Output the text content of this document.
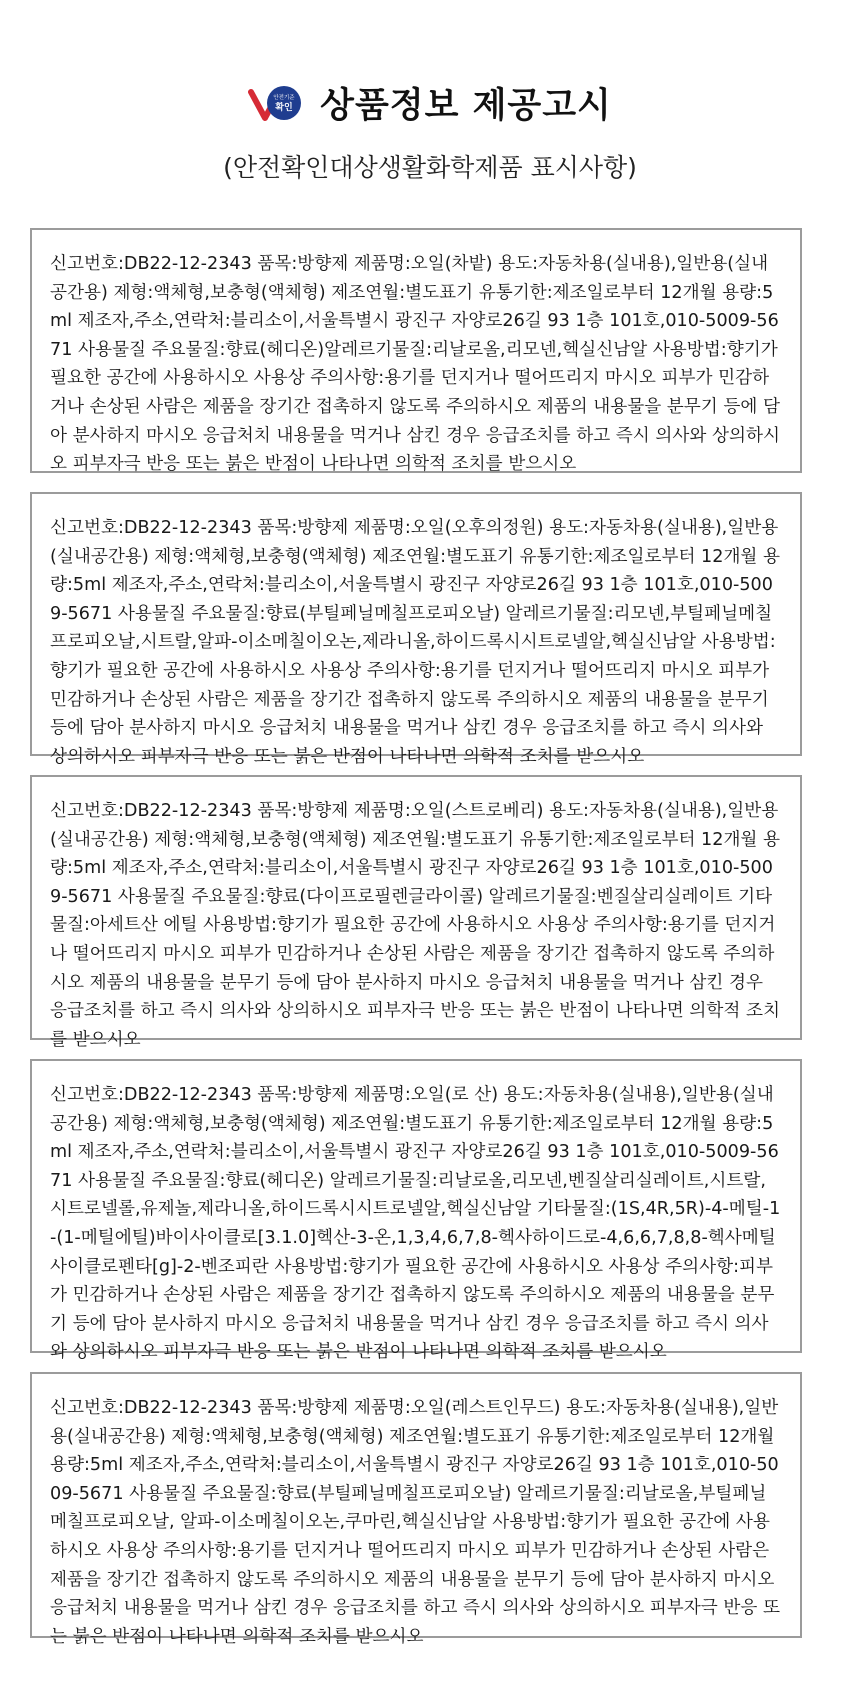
안전기준
확인 상품정보 제공고시
(안전확인대상생활화학제품 표시사항)
신고번호:DB22-12-2343 품목:방향제 제품명:오일(차밭) 용도:자동차용(실내용),일반용(실내공간용) 제형:액체형,보충형(액체형) 제조연월:별도표기 유통기한:제조일로부터 12개월 용량:5ml 제조자,주소,연락처:블리소이,서울특별시 광진구 자양로26길 93 1층 101호,010-5009-5671 사용물질 주요물질:향료(헤디온)알레르기물질:리날로올,리모넨,헥실신남알 사용방법:향기가 필요한 공간에 사용하시오 사용상 주의사항:용기를 던지거나 떨어뜨리지 마시오 피부가 민감하거나 손상된 사람은 제품을 장기간 접촉하지 않도록 주의하시오 제품의 내용물을 분무기 등에 담아 분사하지 마시오 응급처치 내용물을 먹거나 삼킨 경우 응급조치를 하고 즉시 의사와 상의하시오 피부자극 반응 또는 붉은 반점이 나타나면 의학적 조치를 받으시오
신고번호:DB22-12-2343 품목:방향제 제품명:오일(오후의정원) 용도:자동차용(실내용),일반용(실내공간용) 제형:액체형,보충형(액체형) 제조연월:별도표기 유통기한:제조일로부터 12개월 용량:5ml 제조자,주소,연락처:블리소이,서울특별시 광진구 자양로26길 93 1층 101호,010-5009-5671 사용물질 주요물질:향료(부틸페닐메칠프로피오날) 알레르기물질:리모넨,부틸페닐메칠프로피오날,시트랄,알파-이소메칠이오논,제라니올,하이드록시시트로넬알,헥실신남알 사용방법:향기가 필요한 공간에 사용하시오 사용상 주의사항:용기를 던지거나 떨어뜨리지 마시오 피부가 민감하거나 손상된 사람은 제품을 장기간 접촉하지 않도록 주의하시오 제품의 내용물을 분무기 등에 담아 분사하지 마시오 응급처치 내용물을 먹거나 삼킨 경우 응급조치를 하고 즉시 의사와 상의하시오 피부자극 반응 또는 붉은 반점이 나타나면 의학적 조치를 받으시오
신고번호:DB22-12-2343 품목:방향제 제품명:오일(스트로베리) 용도:자동차용(실내용),일반용(실내공간용) 제형:액체형,보충형(액체형) 제조연월:별도표기 유통기한:제조일로부터 12개월 용량:5ml 제조자,주소,연락처:블리소이,서울특별시 광진구 자양로26길 93 1층 101호,010-5009-5671 사용물질 주요물질:향료(다이프로필렌글라이콜) 알레르기물질:벤질살리실레이트 기타물질:아세트산 에틸 사용방법:향기가 필요한 공간에 사용하시오 사용상 주의사항:용기를 던지거나 떨어뜨리지 마시오 피부가 민감하거나 손상된 사람은 제품을 장기간 접촉하지 않도록 주의하시오 제품의 내용물을 분무기 등에 담아 분사하지 마시오 응급처치 내용물을 먹거나 삼킨 경우 응급조치를 하고 즉시 의사와 상의하시오 피부자극 반응 또는 붉은 반점이 나타나면 의학적 조치를 받으시오
신고번호:DB22-12-2343 품목:방향제 제품명:오일(로 산) 용도:자동차용(실내용),일반용(실내공간용) 제형:액체형,보충형(액체형) 제조연월:별도표기 유통기한:제조일로부터 12개월 용량:5ml 제조자,주소,연락처:블리소이,서울특별시 광진구 자양로26길 93 1층 101호,010-5009-5671 사용물질 주요물질:향료(헤디온) 알레르기물질:리날로올,리모넨,벤질살리실레이트,시트랄,시트로넬롤,유제놀,제라니올,하이드록시시트로넬알,헥실신남알 기타물질:(1S,4R,5R)-4-메틸-1-(1-메틸에틸)바이사이클로[3.1.0]헥산-3-온,1,3,4,6,7,8-헥사하이드로-4,6,6,7,8,8-헥사메틸사이클로펜타[g]-2-벤조피란 사용방법:향기가 필요한 공간에 사용하시오 사용상 주의사항:피부가 민감하거나 손상된 사람은 제품을 장기간 접촉하지 않도록 주의하시오 제품의 내용물을 분무기 등에 담아 분사하지 마시오 응급처치 내용물을 먹거나 삼킨 경우 응급조치를 하고 즉시 의사와 상의하시오 피부자극 반응 또는 붉은 반점이 나타나면 의학적 조치를 받으시오
신고번호:DB22-12-2343 품목:방향제 제품명:오일(레스트인무드) 용도:자동차용(실내용),일반용(실내공간용) 제형:액체형,보충형(액체형) 제조연월:별도표기 유통기한:제조일로부터 12개월 용량:5ml 제조자,주소,연락처:블리소이,서울특별시 광진구 자양로26길 93 1층 101호,010-5009-5671 사용물질 주요물질:향료(부틸페닐메칠프로피오날) 알레르기물질:리날로올,부틸페닐메칠프로피오날, 알파-이소메칠이오논,쿠마린,헥실신남알 사용방법:향기가 필요한 공간에 사용하시오 사용상 주의사항:용기를 던지거나 떨어뜨리지 마시오 피부가 민감하거나 손상된 사람은 제품을 장기간 접촉하지 않도록 주의하시오 제품의 내용물을 분무기 등에 담아 분사하지 마시오 응급처치 내용물을 먹거나 삼킨 경우 응급조치를 하고 즉시 의사와 상의하시오 피부자극 반응 또는 붉은 반점이 나타나면 의학적 조치를 받으시오
